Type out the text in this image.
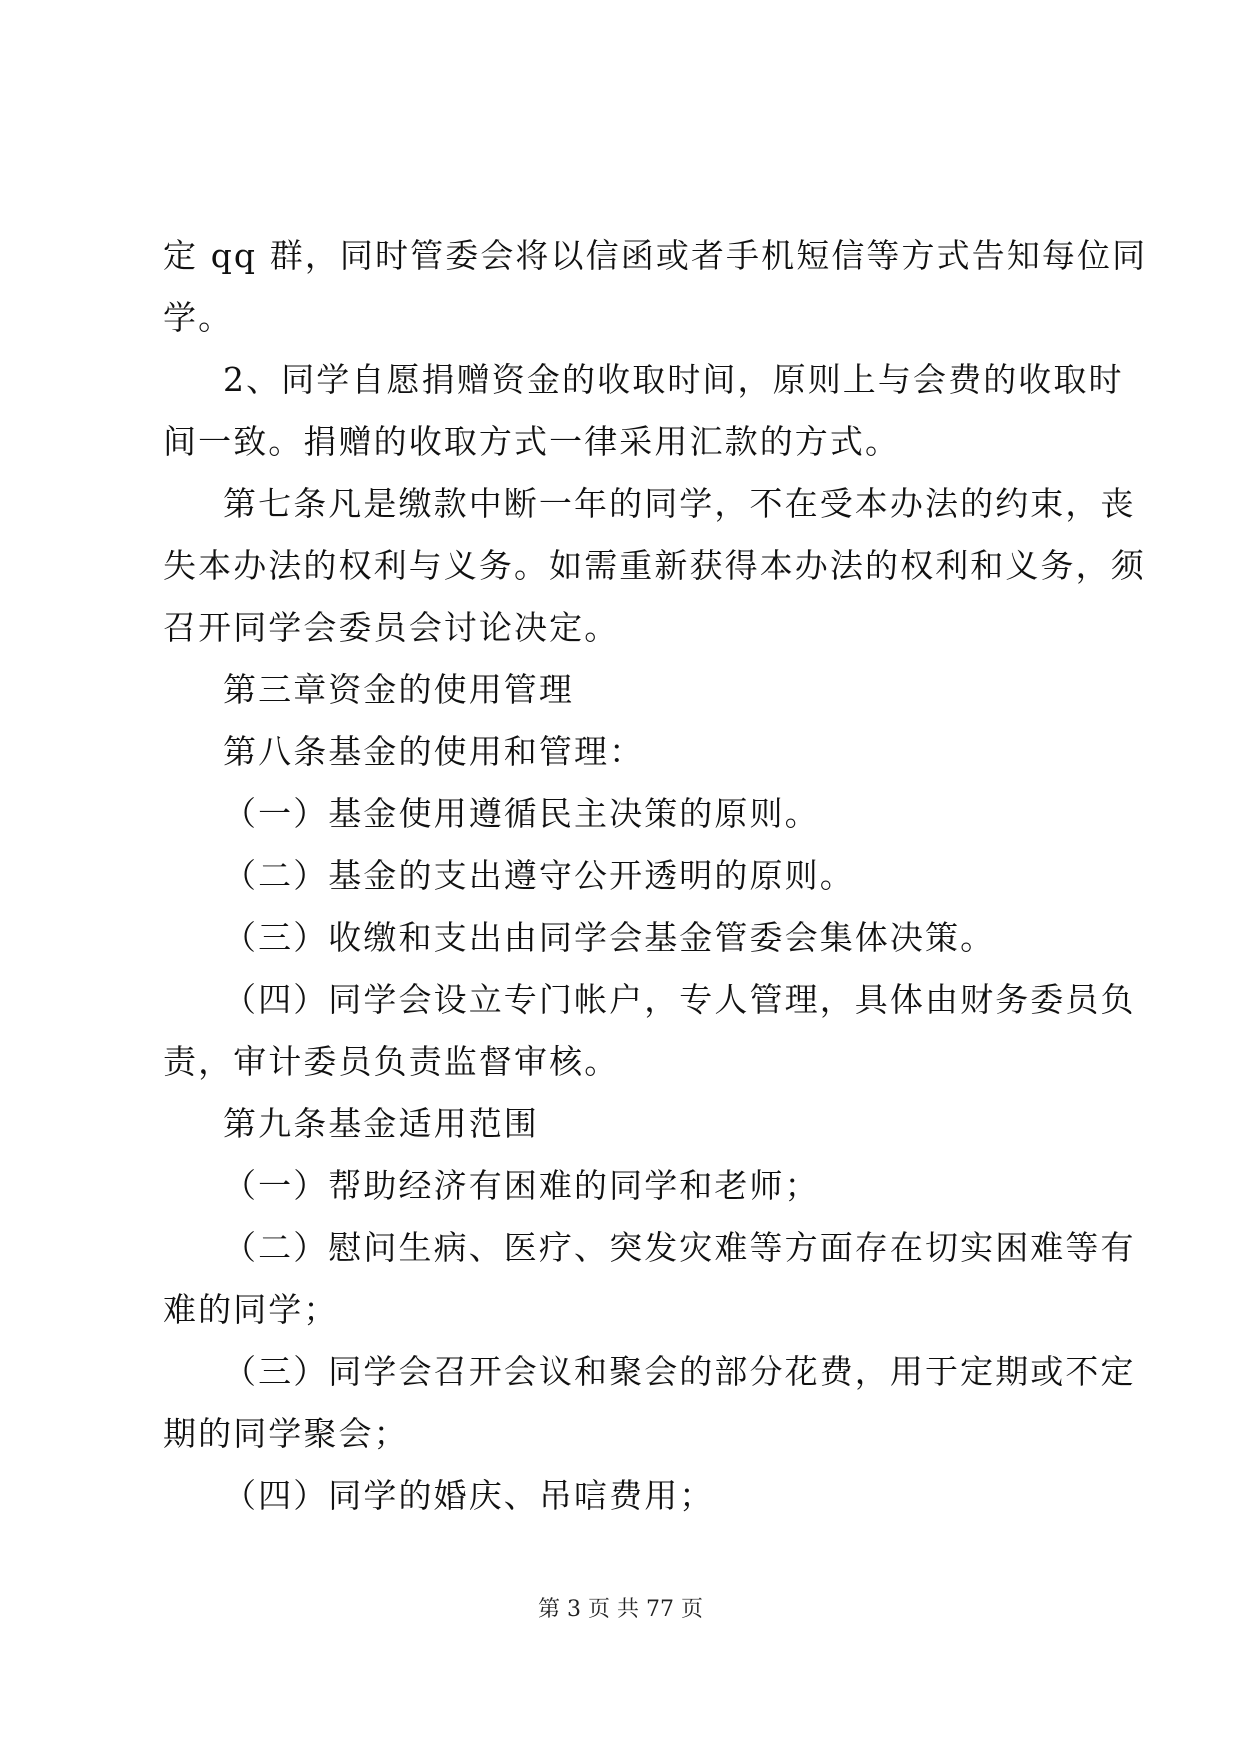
定 qq 群，同时管委会将以信函或者手机短信等方式告知每位同

学。

2、同学自愿捐赠资金的收取时间，原则上与会费的收取时

间一致。捐赠的收取方式一律采用汇款的方式。

第七条凡是缴款中断一年的同学，不在受本办法的约束，丧

失本办法的权利与义务。如需重新获得本办法的权利和义务，须

召开同学会委员会讨论决定。

第三章资金的使用管理

第八条基金的使用和管理：

（一）基金使用遵循民主决策的原则。

（二）基金的支出遵守公开透明的原则。

（三）收缴和支出由同学会基金管委会集体决策。

（四）同学会设立专门帐户，专人管理，具体由财务委员负

责，审计委员负责监督审核。

第九条基金适用范围

（一）帮助经济有困难的同学和老师；

（二）慰问生病、医疗、突发灾难等方面存在切实困难等有

难的同学；

（三）同学会召开会议和聚会的部分花费，用于定期或不定

期的同学聚会；

（四）同学的婚庆、吊唁费用；

第 3 页 共 77 页
